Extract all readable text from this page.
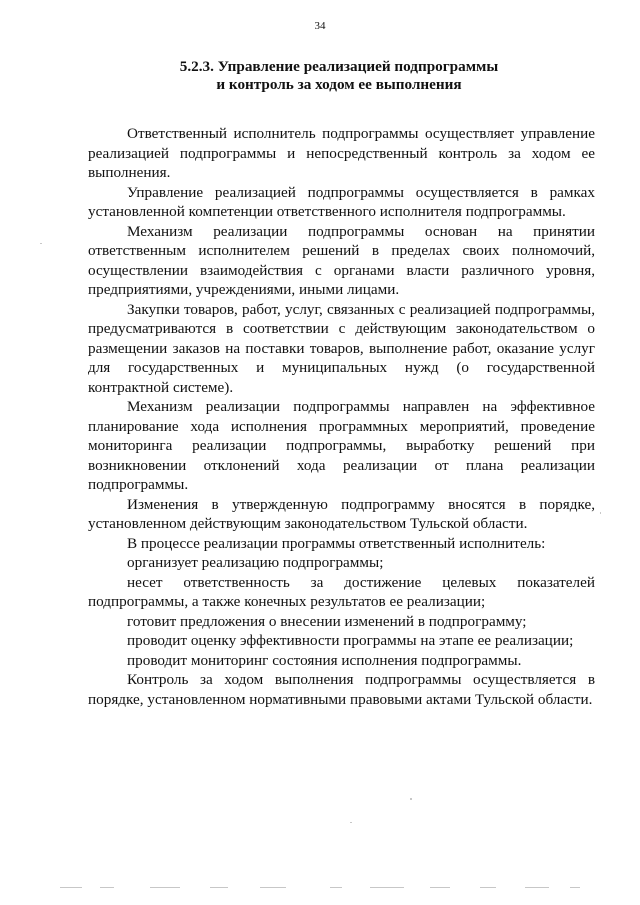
34
5.2.3. Управление реализацией подпрограммы
и контроль за ходом ее выполнения

Ответственный исполнитель подпрограммы осуществляет управление реализацией подпрограммы и непосредственный контроль за ходом ее выполнения.

Управление реализацией подпрограммы осуществляется в рамках установленной компетенции ответственного исполнителя подпрограммы.

Механизм реализации подпрограммы основан на принятии ответственным исполнителем решений в пределах своих полномочий, осуществлении взаимодействия с органами власти различного уровня, предприятиями, учреждениями, иными лицами.

Закупки товаров, работ, услуг, связанных с реализацией подпрограммы, предусматриваются в соответствии с действующим законодательством о размещении заказов на поставки товаров, выполнение работ, оказание услуг для государственных и муниципальных нужд (о государственной контрактной системе).

Механизм реализации подпрограммы направлен на эффективное планирование хода исполнения программных мероприятий, проведение мониторинга реализации подпрограммы, выработку решений при возникновении отклонений хода реализации от плана реализации подпрограммы.

Изменения в утвержденную подпрограмму вносятся в порядке, установленном действующим законодательством Тульской области.

В процессе реализации программы ответственный исполнитель:

организует реализацию подпрограммы;

несет ответственность за достижение целевых показателей подпрограммы, а также конечных результатов ее реализации;

готовит предложения о внесении изменений в подпрограмму;

проводит оценку эффективности программы на этапе ее реализации;

проводит мониторинг состояния исполнения подпрограммы.

Контроль за ходом выполнения подпрограммы осуществляется в порядке, установленном нормативными правовыми актами Тульской области.
